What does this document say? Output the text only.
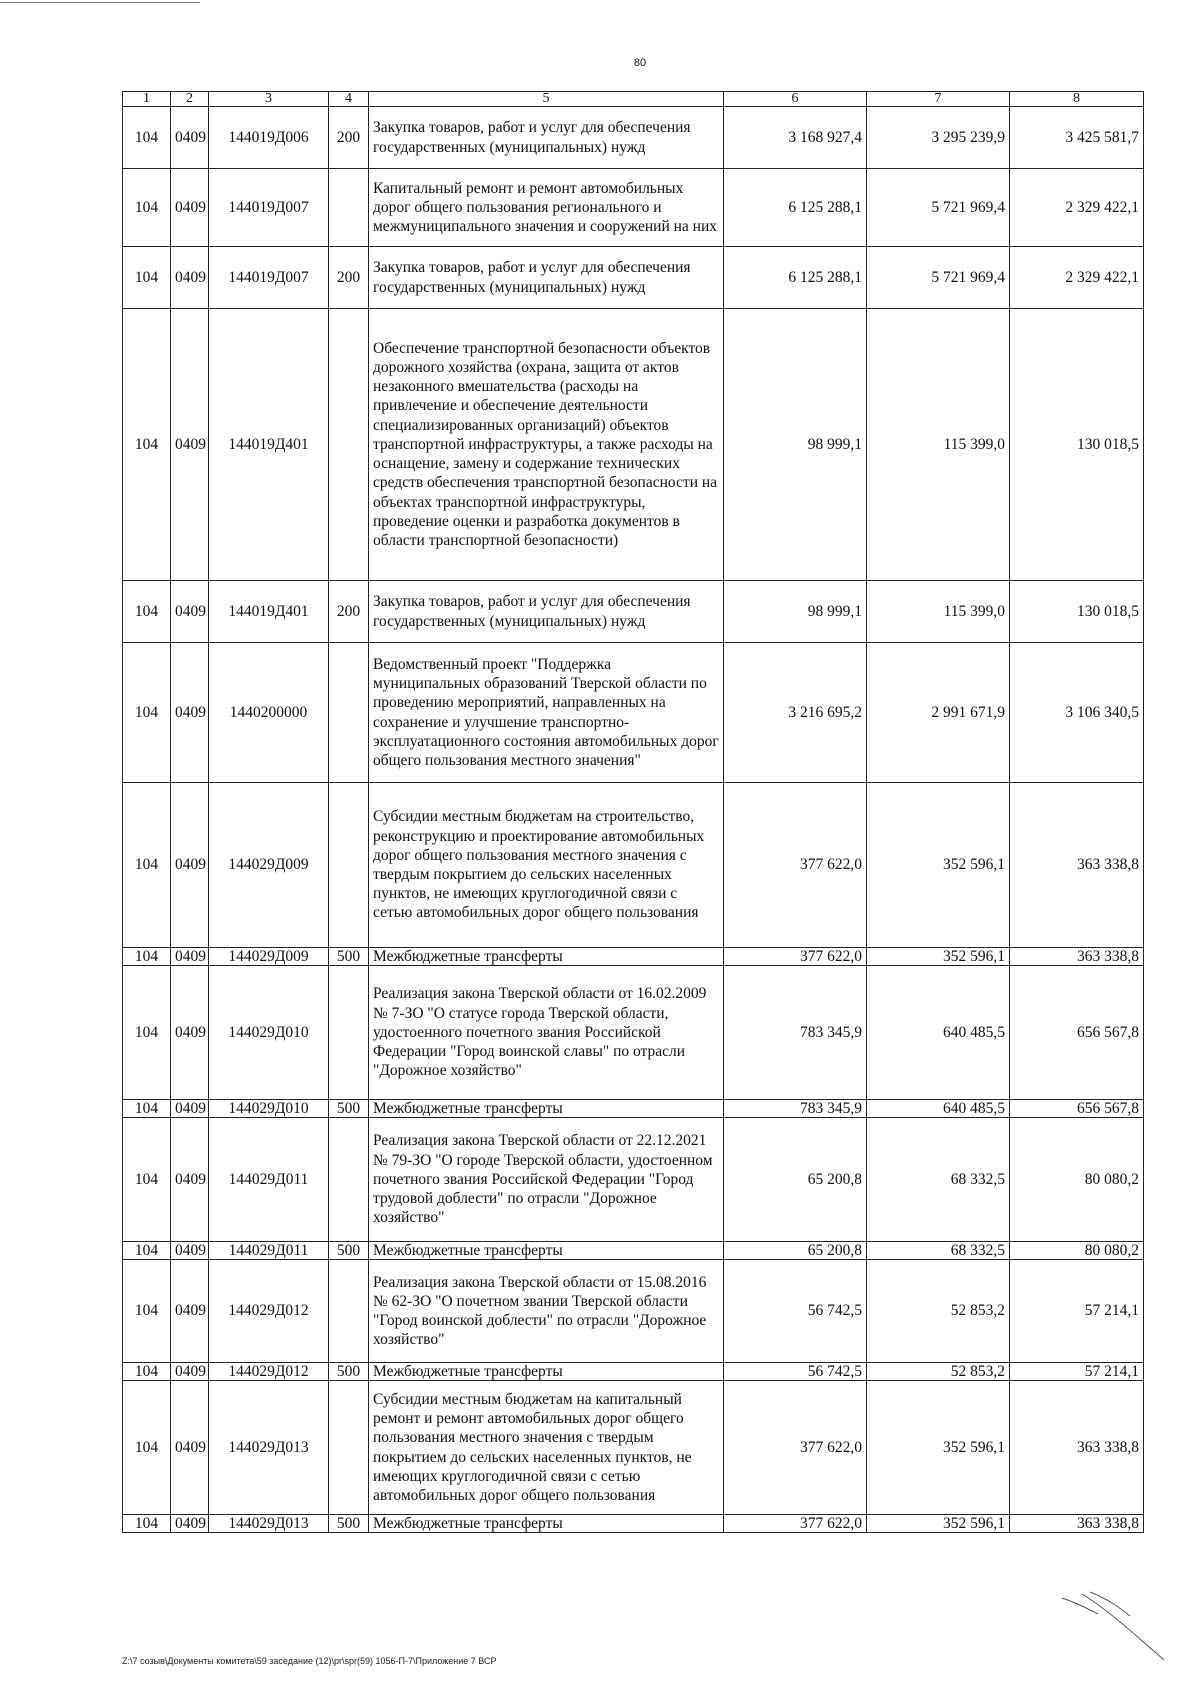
80
1	2	3	4	5	6	7	8
104	0409	144019Д006	200	Закупка товаров, работ и услуг для обеспечения государственных (муниципальных) нужд	3 168 927,4	3 295 239,9	3 425 581,7
104	0409	144019Д007		Капитальный ремонт и ремонт автомобильных дорог общего пользования регионального и межмуниципального значения и сооружений на них	6 125 288,1	5 721 969,4	2 329 422,1
104	0409	144019Д007	200	Закупка товаров, работ и услуг для обеспечения государственных (муниципальных) нужд	6 125 288,1	5 721 969,4	2 329 422,1
104	0409	144019Д401		Обеспечение транспортной безопасности объектов дорожного хозяйства (охрана, защита от актов незаконного вмешательства (расходы на привлечение и обеспечение деятельности специализированных организаций) объектов транспортной инфраструктуры, а также расходы на оснащение, замену и содержание технических средств обеспечения транспортной безопасности на объектах транспортной инфраструктуры, проведение оценки и разработка документов в области транспортной безопасности)	98 999,1	115 399,0	130 018,5
104	0409	144019Д401	200	Закупка товаров, работ и услуг для обеспечения государственных (муниципальных) нужд	98 999,1	115 399,0	130 018,5
104	0409	1440200000		Ведомственный проект "Поддержка муниципальных образований Тверской области по проведению мероприятий, направленных на сохранение и улучшение транспортно-эксплуатационного состояния автомобильных дорог общего пользования местного значения"	3 216 695,2	2 991 671,9	3 106 340,5
104	0409	144029Д009		Субсидии местным бюджетам на строительство, реконструкцию и проектирование автомобильных дорог общего пользования местного значения с твердым покрытием до сельских населенных пунктов, не имеющих круглогодичной связи с сетью автомобильных дорог общего пользования	377 622,0	352 596,1	363 338,8
104	0409	144029Д009	500	Межбюджетные трансферты	377 622,0	352 596,1	363 338,8
104	0409	144029Д010		Реализация закона Тверской области от 16.02.2009 № 7-ЗО "О статусе города Тверской области, удостоенного почетного звания Российской Федерации "Город воинской славы" по отрасли "Дорожное хозяйство"	783 345,9	640 485,5	656 567,8
104	0409	144029Д010	500	Межбюджетные трансферты	783 345,9	640 485,5	656 567,8
104	0409	144029Д011		Реализация закона Тверской области от 22.12.2021 № 79-ЗО "О городе Тверской области, удостоенном почетного звания Российской Федерации "Город трудовой доблести" по отрасли "Дорожное хозяйство"	65 200,8	68 332,5	80 080,2
104	0409	144029Д011	500	Межбюджетные трансферты	65 200,8	68 332,5	80 080,2
104	0409	144029Д012		Реализация закона Тверской области от 15.08.2016 № 62-ЗО "О почетном звании Тверской области "Город воинской доблести" по отрасли "Дорожное хозяйство"	56 742,5	52 853,2	57 214,1
104	0409	144029Д012	500	Межбюджетные трансферты	56 742,5	52 853,2	57 214,1
104	0409	144029Д013		Субсидии местным бюджетам на капитальный ремонт и ремонт автомобильных дорог общего пользования местного значения с твердым покрытием до сельских населенных пунктов, не имеющих круглогодичной связи с сетью автомобильных дорог общего пользования	377 622,0	352 596,1	363 338,8
104	0409	144029Д013	500	Межбюджетные трансферты	377 622,0	352 596,1	363 338,8
Z:\7 созыв\Документы комитета\59 заседание (12)\pr\spr(59) 1056-П-7\Приложение 7 ВСР
